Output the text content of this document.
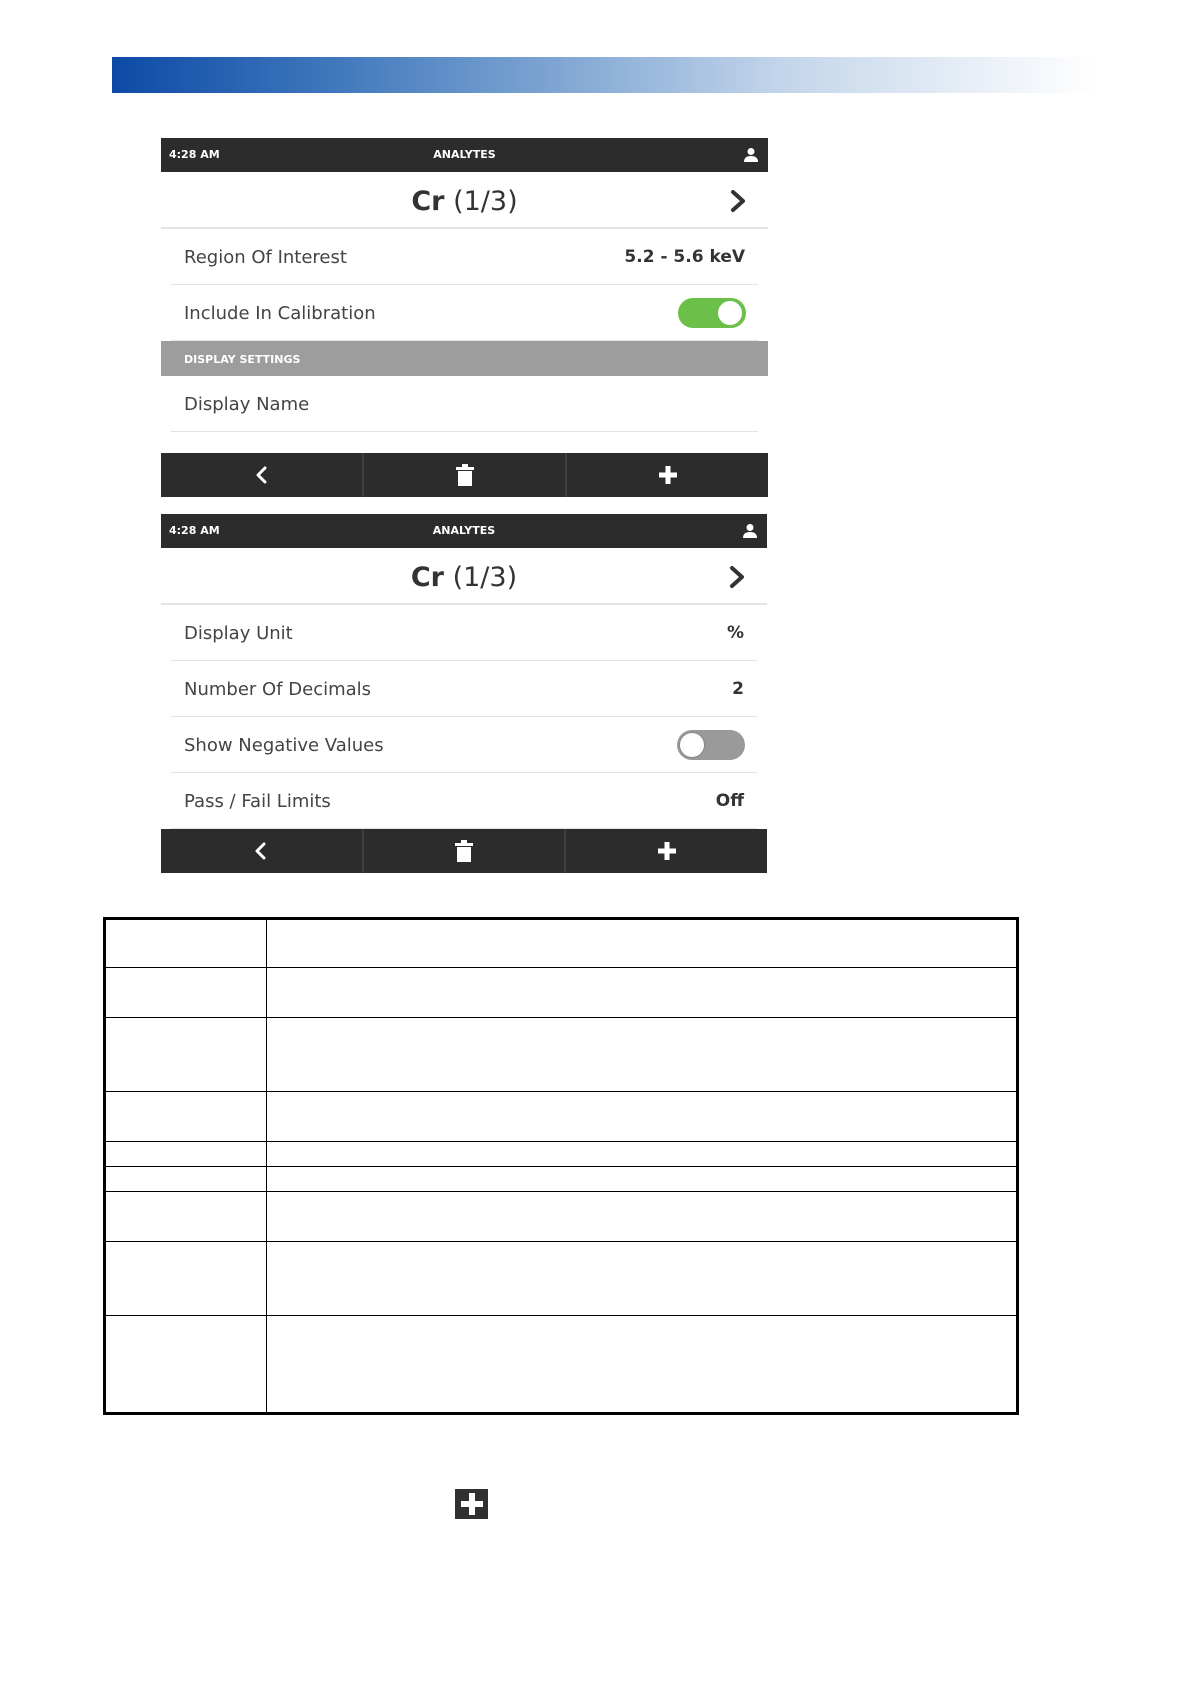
4:28 AM	ANALYTES
Cr (1/3)
Region Of Interest	5.2 - 5.6 keV
Include In Calibration
DISPLAY SETTINGS
Display Name
4:28 AM	ANALYTES
Cr (1/3)
Display Unit	%
Number Of Decimals	2
Show Negative Values
Pass / Fail Limits	Off
